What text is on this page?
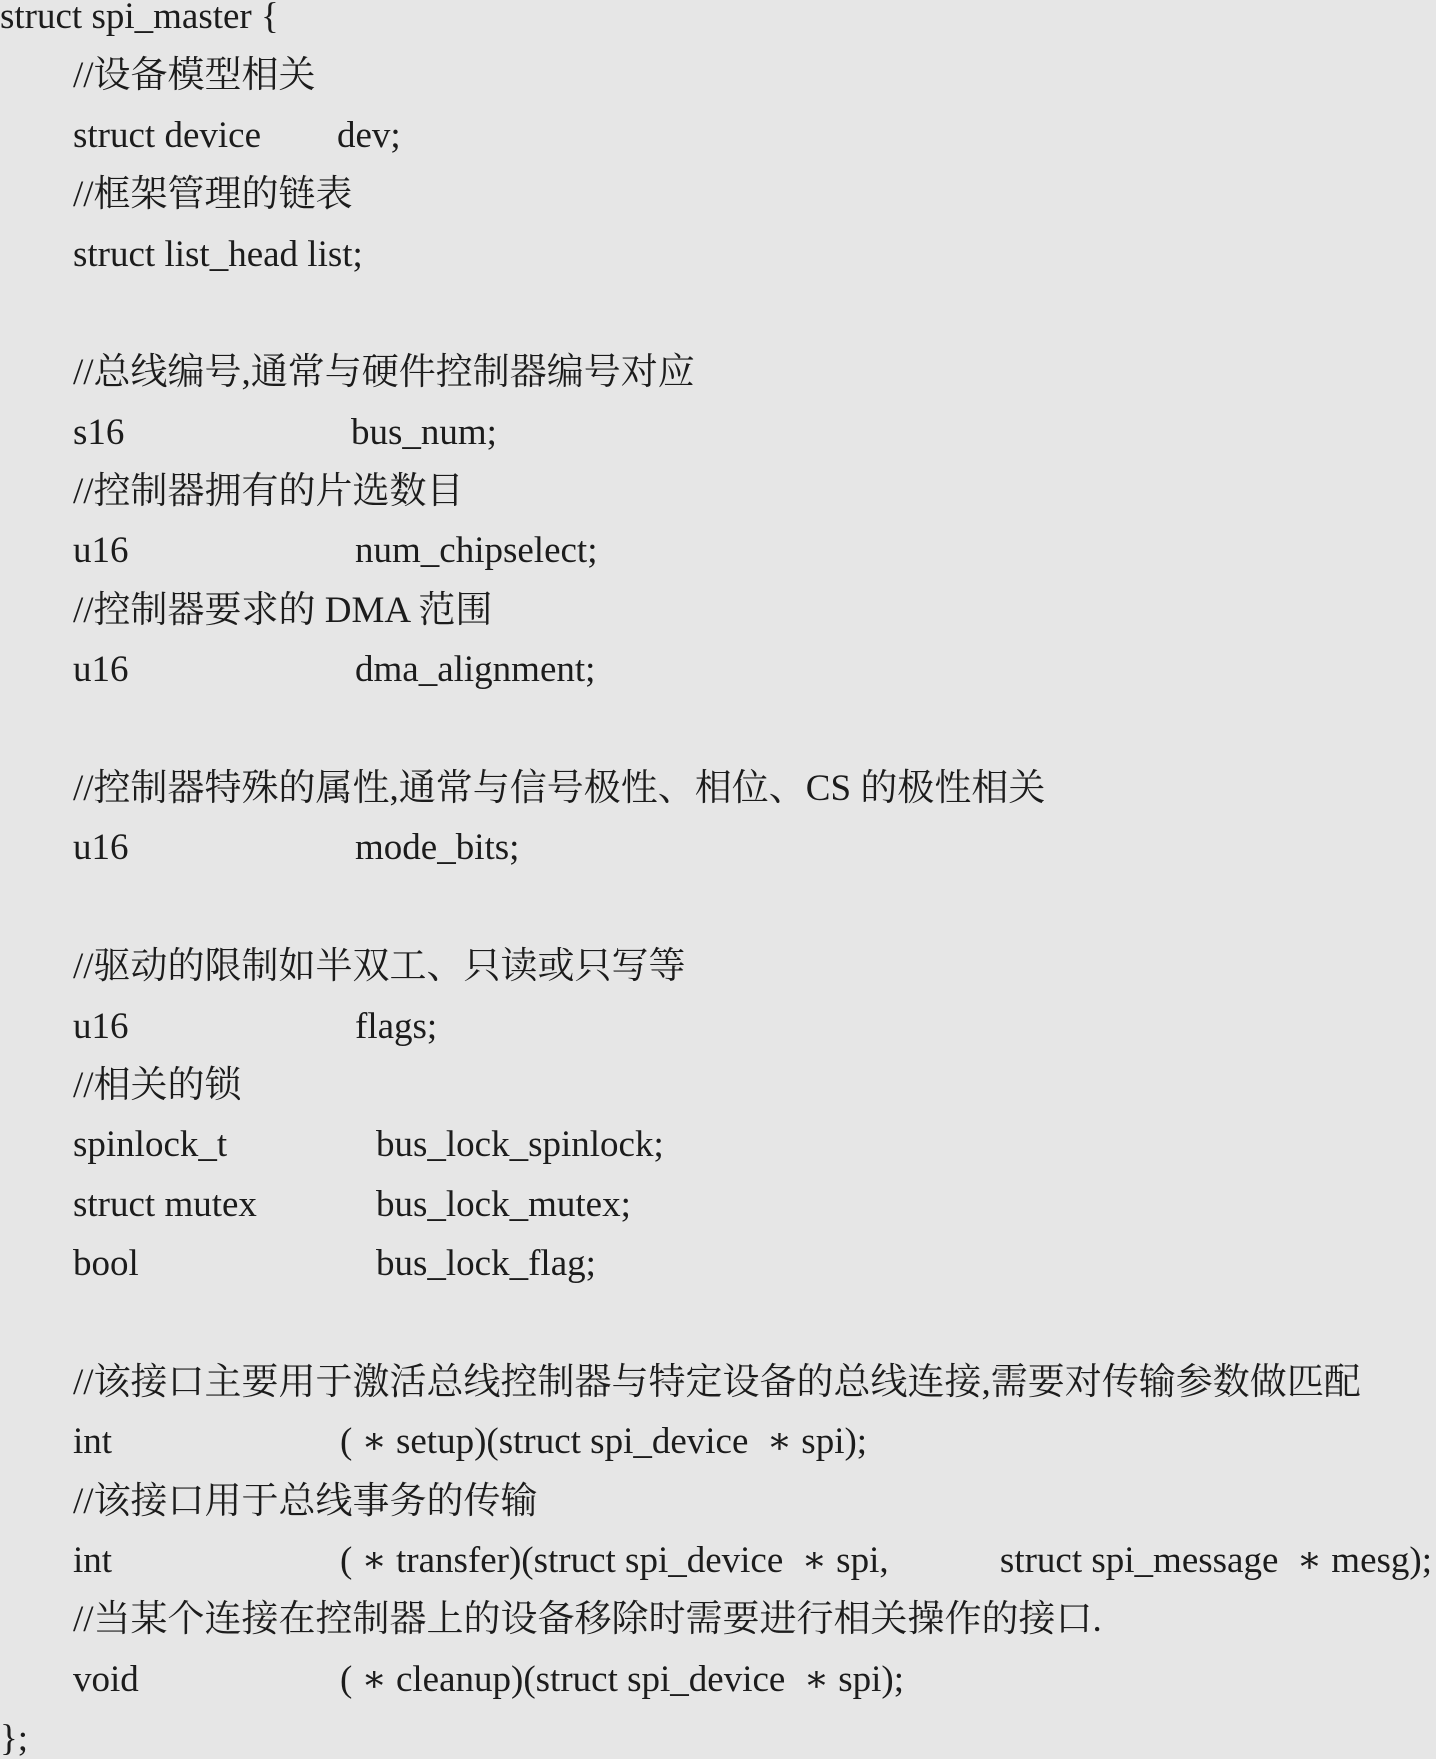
struct spi_master {
//设备模型相关
struct device dev;
//框架管理的链表
struct list_head list;
//总线编号,通常与硬件控制器编号对应
s16	bus_num;
//控制器拥有的片选数目
u16	num_chipselect;
//控制器要求的 DMA 范围
u16	dma_alignment;
//控制器特殊的属性,通常与信号极性、相位、CS 的极性相关
u16	mode_bits;
//驱动的限制如半双工、只读或只写等
u16	flags;
//相关的锁
spinlock_t	bus_lock_spinlock;
struct mutex	bus_lock_mutex;
bool	bus_lock_flag;
//该接口主要用于激活总线控制器与特定设备的总线连接,需要对传输参数做匹配
int	( ∗ setup)(struct spi_device  ∗ spi);
//该接口用于总线事务的传输
int	( ∗ transfer)(struct spi_device  ∗ spi,	struct spi_message  ∗ mesg);
//当某个连接在控制器上的设备移除时需要进行相关操作的接口.
void	( ∗ cleanup)(struct spi_device  ∗ spi);
};
